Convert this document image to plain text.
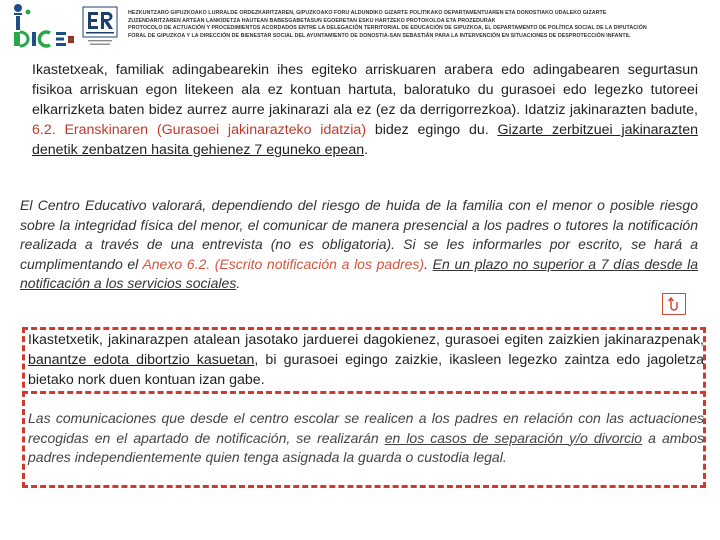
HEZKUNTZARO GIPUZKOAKO LURRALDE ORDEZKARITZAREN, GIPUZKOAKO FORU ALDUNDIKO GIZARTE POLITIKAKO DEPARTAMENTUAREN ETA DONOSTIAKO UDALEKO GIZARTE
ZUZENDARITZAREN ARTEAN LANKIDETZA HAUTEAN BABESGABETASUN EGOERETAN ESKU HARTZEKO PROTOKOLOA ETA PROZEDURAK
PROTOCOLO DE ACTUACIÓN Y PROCEDIMIENTOS ACORDADOS ENTRE LA DELEGACIÓN TERRITORIAL DE EDUCACIÓN DE GIPUZKOA, EL DEPARTAMENTO DE POLÍTICA SOCIAL DE LA DIPUTACIÓN
FORAL DE GIPUZKOA Y LA DIRECCIÓN DE BIENESTAR SOCIAL DEL AYUNTAMIENTO DE DONOSTIA-SAN SEBASTIÁN PARA LA INTERVENCIÓN EN SITUACIONES DE DESPROTECCIÓN INFANTIL
Ikastetxeak, familiak adingabearekin ihes egiteko arriskuaren arabera edo adingabearen segurtasun fisikoa arriskuan egon litekeen ala ez kontuan hartuta, baloratuko du gurasoei edo legezko tutoreei elkarrizketa baten bidez aurrez aurre jakinarazi ala ez (ez da derrigorrezkoa). Idatziz jakinarazten badute, 6.2. Eranskinaren (Gurasoei jakinarazteko idatzia) bidez egingo du. Gizarte zerbitzuei jakinarazten denetik zenbatzen hasita gehienez 7 eguneko epean.
El Centro Educativo valorará, dependiendo del riesgo de huida de la familia con el menor o posible riesgo sobre la integridad física del menor, el comunicar de manera presencial a los padres o tutores la notificación realizada a través de una entrevista (no es obligatoria). Si se les informarles por escrito, se hará a cumplimentando el Anexo 6.2. (Escrito notificación a los padres). En un plazo no superior a 7 días desde la notificación a los servicios sociales.
Ikastetxetik, jakinarazpen atalean jasotako jarduerei dagokienez, gurasoei egiten zaizkien jakinarazpenak, banantze edota dibortzio kasuetan, bi gurasoei egingo zaizkie, ikasleen legezko zaintza edo jagoletza bietako nork duen kontuan izan gabe.
Las comunicaciones que desde el centro escolar se realicen a los padres en relación con las actuaciones recogidas en el apartado de notificación, se realizarán en los casos de separación y/o divorcio a ambos padres independientemente quien tenga asignada la guarda o custodia legal.
